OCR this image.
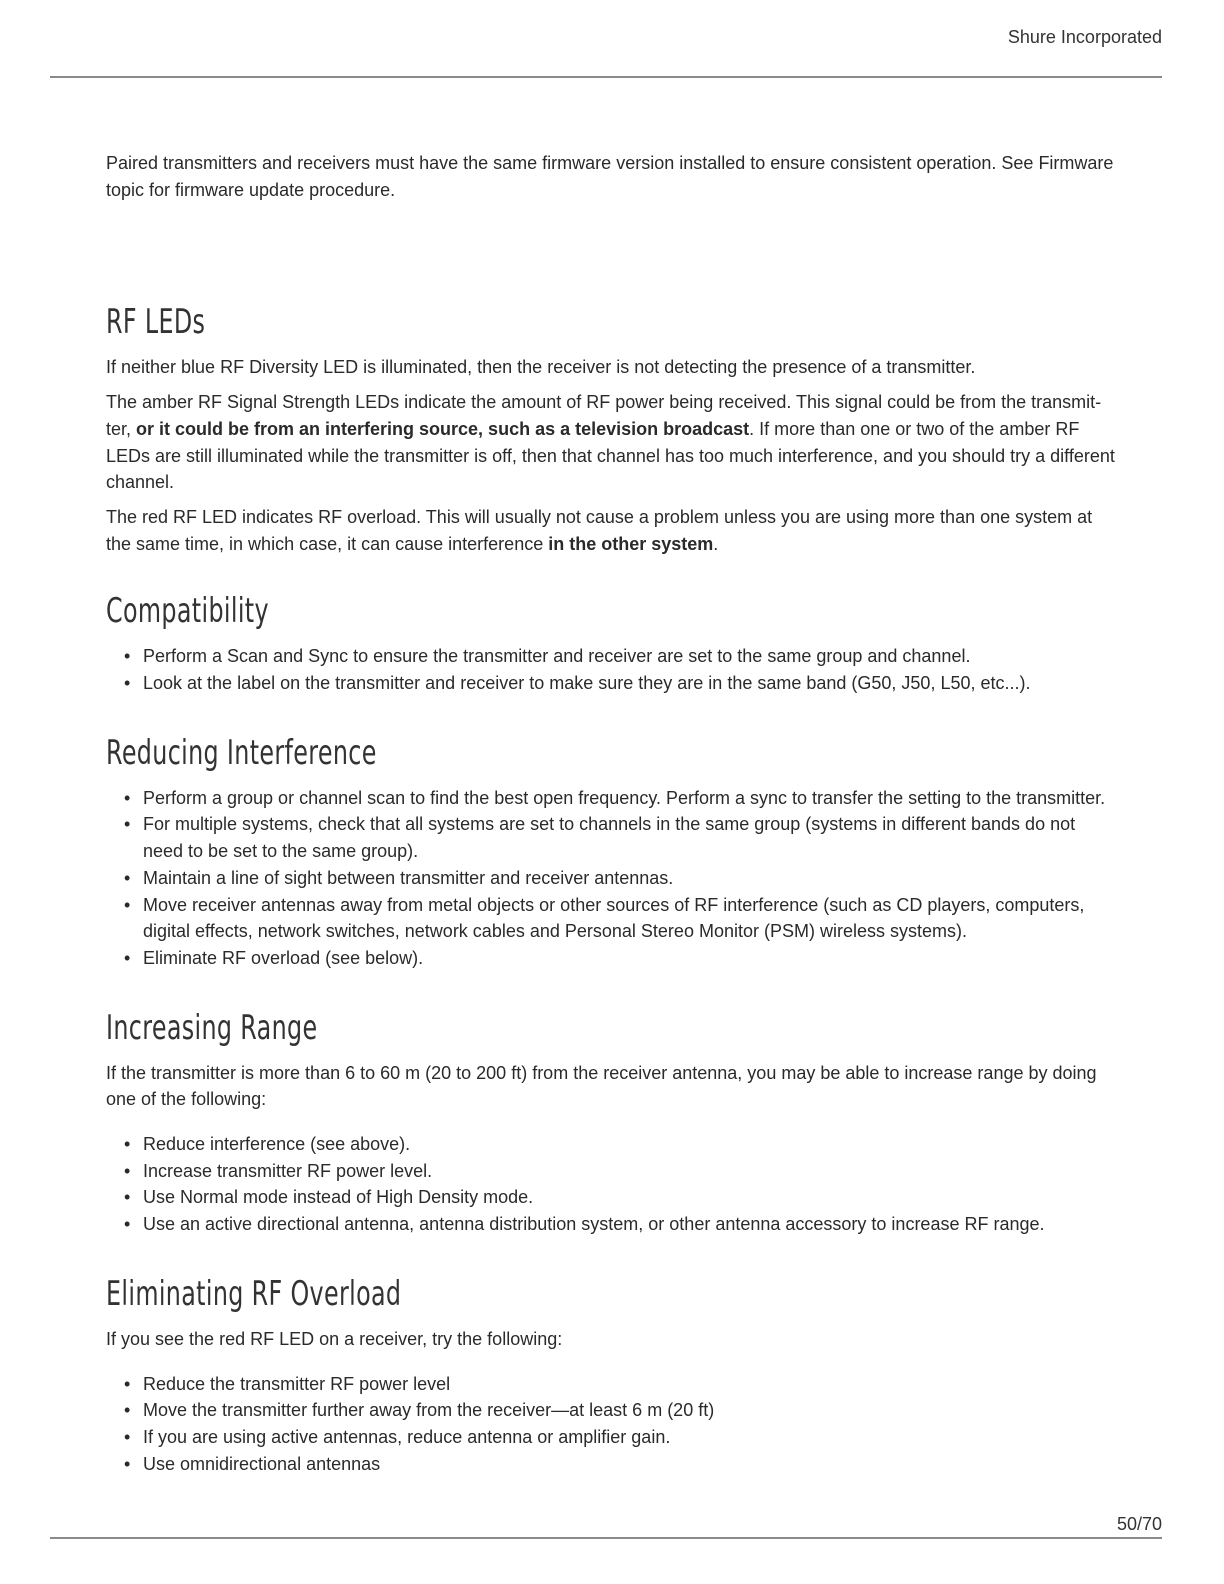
Shure Incorporated

Paired transmitters and receivers must have the same firmware version installed to ensure consistent operation. See Firmware topic for firmware update procedure.

RF LEDs

If neither blue RF Diversity LED is illuminated, then the receiver is not detecting the presence of a transmitter.

The amber RF Signal Strength LEDs indicate the amount of RF power being received. This signal could be from the transmitter, or it could be from an interfering source, such as a television broadcast. If more than one or two of the amber RF LEDs are still illuminated while the transmitter is off, then that channel has too much interference, and you should try a different channel.

The red RF LED indicates RF overload. This will usually not cause a problem unless you are using more than one system at the same time, in which case, it can cause interference in the other system.

Compatibility
• Perform a Scan and Sync to ensure the transmitter and receiver are set to the same group and channel.
• Look at the label on the transmitter and receiver to make sure they are in the same band (G50, J50, L50, etc...).
Reducing Interference
• Perform a group or channel scan to find the best open frequency. Perform a sync to transfer the setting to the transmitter.
• For multiple systems, check that all systems are set to channels in the same group (systems in different bands do not need to be set to the same group).
• Maintain a line of sight between transmitter and receiver antennas.
• Move receiver antennas away from metal objects or other sources of RF interference (such as CD players, computers, digital effects, network switches, network cables and Personal Stereo Monitor (PSM) wireless systems).
• Eliminate RF overload (see below).
Increasing Range

If the transmitter is more than 6 to 60 m (20 to 200 ft) from the receiver antenna, you may be able to increase range by doing one of the following:

• Reduce interference (see above).
• Increase transmitter RF power level.
• Use Normal mode instead of High Density mode.
• Use an active directional antenna, antenna distribution system, or other antenna accessory to increase RF range.
Eliminating RF Overload

If you see the red RF LED on a receiver, try the following:

• Reduce the transmitter RF power level
• Move the transmitter further away from the receiver—at least 6 m (20 ft)
• If you are using active antennas, reduce antenna or amplifier gain.
• Use omnidirectional antennas
50/70
